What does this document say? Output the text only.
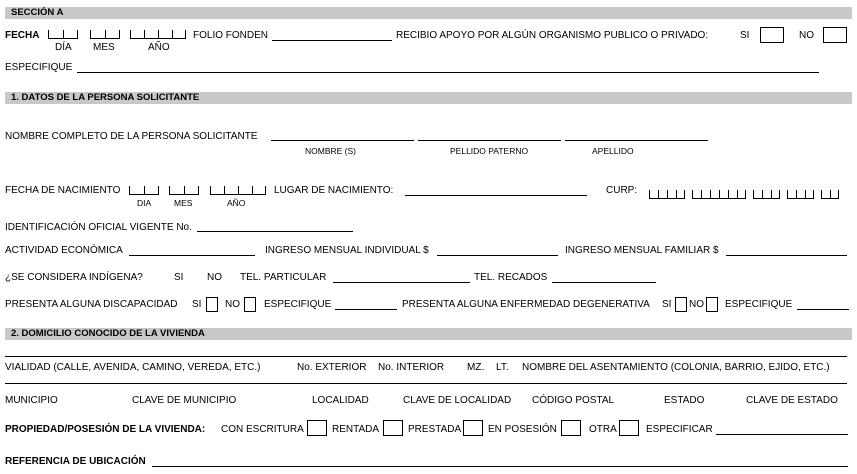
SECCIÓN A
FECHA
DÍA MES	AÑO
FOLIO FONDEN	RECIBIO APOYO POR ALGÚN ORGANISMO PUBLICO O PRIVADO:	SI	NO
ESPECIFIQUE
1. DATOS DE LA PERSONA SOLICITANTE
NOMBRE COMPLETO DE LA PERSONA SOLICITANTE
NOMBRE (S)	PELLIDO PATERNO	APELLIDO
FECHA DE NACIMIENTO
DIA	MES	AÑO
LUGAR DE NACIMIENTO:	CURP:
IDENTIFICACIÓN OFICIAL VIGENTE No.
ACTIVIDAD ECONÓMICA	INGRESO MENSUAL INDIVIDUAL $	INGRESO MENSUAL FAMILIAR $
¿SE CONSIDERA INDÍGENA?	SI NO TEL. PARTICULAR	TEL. RECADOS
PRESENTA ALGUNA DISCAPACIDAD SI NO ESPECIFIQUE	PRESENTA ALGUNA ENFERMEDAD DEGENERATIVA SI NO ESPECIFIQUE
2. DOMICILIO CONOCIDO DE LA VIVIENDA
VIALIDAD (CALLE, AVENIDA, CAMINO, VEREDA, ETC.)	No. EXTERIOR No. INTERIOR MZ. LT. NOMBRE DEL ASENTAMIENTO (COLONIA, BARRIO, EJIDO, ETC.)
MUNICIPIO	CLAVE DE MUNICIPIO	LOCALIDAD	CLAVE DE LOCALIDAD CÓDIGO POSTAL	ESTADO	CLAVE DE ESTADO
PROPIEDAD/POSESIÓN DE LA VIVIENDA: CON ESCRITURA	RENTADA	PRESTADA	EN POSESIÓN	OTRA	ESPECIFICAR
REFERENCIA DE UBICACIÓN
